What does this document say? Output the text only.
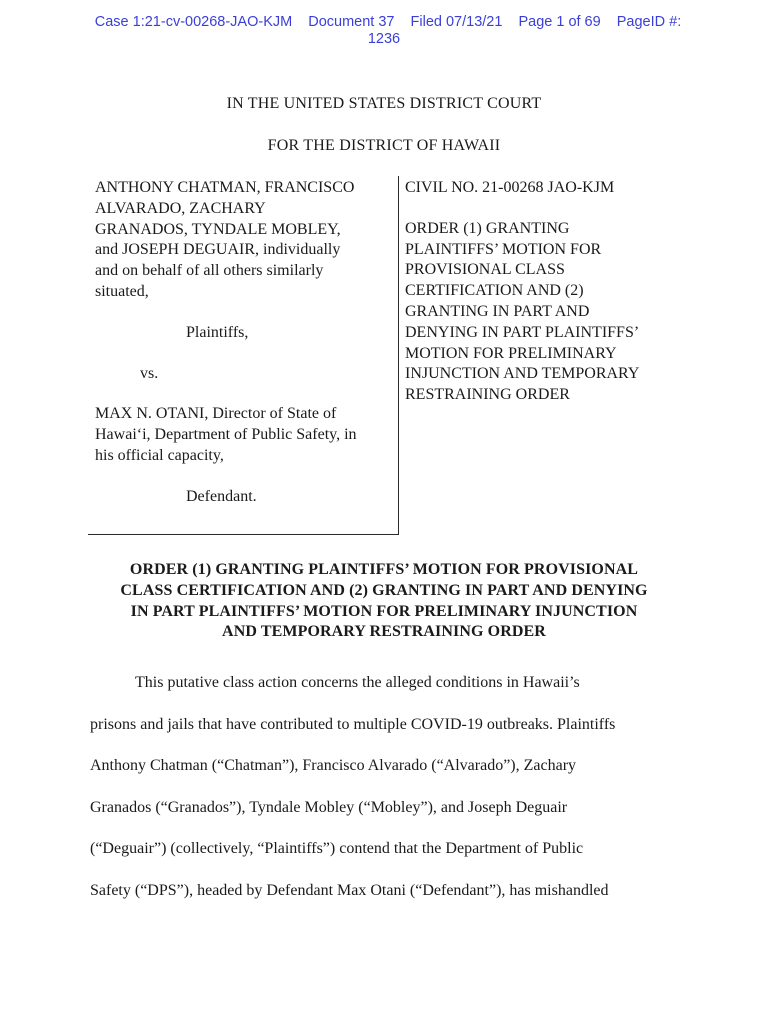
Case 1:21-cv-00268-JAO-KJM Document 37 Filed 07/13/21 Page 1 of 69 PageID #:
1236
IN THE UNITED STATES DISTRICT COURT
FOR THE DISTRICT OF HAWAII

ANTHONY CHATMAN, FRANCISCO

ALVARADO, ZACHARY

GRANADOS, TYNDALE MOBLEY,

and JOSEPH DEGUAIR, individually

and on behalf of all others similarly

situated,

Plaintiffs,

vs.

MAX N. OTANI, Director of State of

Hawai‘i, Department of Public Safety, in

his official capacity,

Defendant.

CIVIL NO. 21-00268 JAO-KJM

ORDER (1) GRANTING

PLAINTIFFS’ MOTION FOR

PROVISIONAL CLASS

CERTIFICATION AND (2)

GRANTING IN PART AND

DENYING IN PART PLAINTIFFS’

MOTION FOR PRELIMINARY

INJUNCTION AND TEMPORARY

RESTRAINING ORDER

ORDER (1) GRANTING PLAINTIFFS’ MOTION FOR PROVISIONAL
CLASS CERTIFICATION AND (2) GRANTING IN PART AND DENYING
IN PART PLAINTIFFS’ MOTION FOR PRELIMINARY INJUNCTION
AND TEMPORARY RESTRAINING ORDER
This putative class action concerns the alleged conditions in Hawaii’s
prisons and jails that have contributed to multiple COVID-19 outbreaks. Plaintiffs
Anthony Chatman (“Chatman”), Francisco Alvarado (“Alvarado”), Zachary
Granados (“Granados”), Tyndale Mobley (“Mobley”), and Joseph Deguair
(“Deguair”) (collectively, “Plaintiffs”) contend that the Department of Public
Safety (“DPS”), headed by Defendant Max Otani (“Defendant”), has mishandled
